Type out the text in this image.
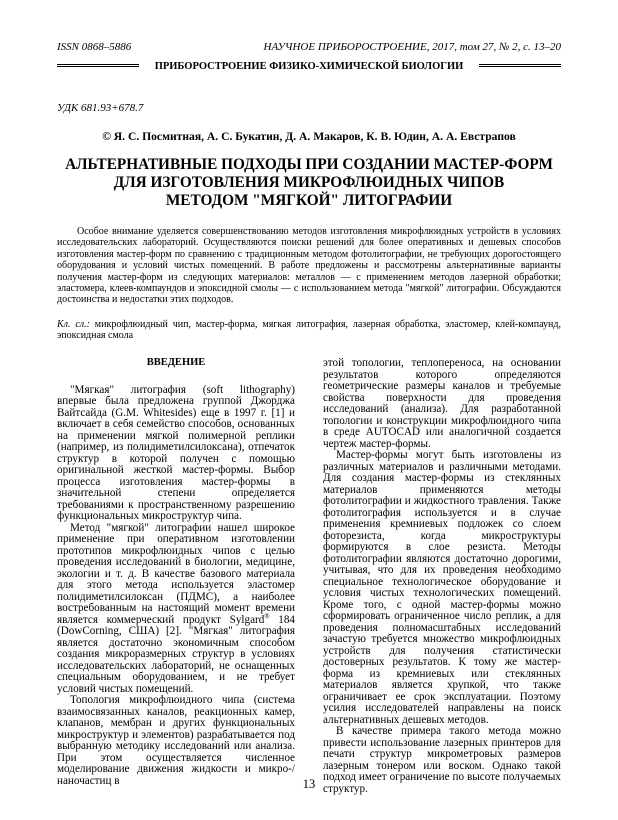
ISSN 0868–5886	НАУЧНОЕ ПРИБОРОСТРОЕНИЕ, 2017, том 27, № 2, с. 13–20
ПРИБОРОСТРОЕНИЕ ФИЗИКО-ХИМИЧЕСКОЙ БИОЛОГИИ
УДК 681.93+678.7
© Я. С. Посмитная, А. С. Букатин, Д. А. Макаров, К. В. Юдин, А. А. Евстрапов
АЛЬТЕРНАТИВНЫЕ ПОДХОДЫ ПРИ СОЗДАНИИ МАСТЕР-ФОРМ
ДЛЯ ИЗГОТОВЛЕНИЯ МИКРОФЛЮИДНЫХ ЧИПОВ
МЕТОДОМ "МЯГКОЙ" ЛИТОГРАФИИ

Особое внимание уделяется совершенствованию методов изготовления микрофлюидных устройств в условиях исследовательских лабораторий. Осуществляются поиски решений для более оперативных и дешевых способов изготовления мастер-форм по сравнению с традиционным методом фотолитографии, не требующих дорогостоящего оборудования и условий чистых помещений. В работе предложены и рассмотрены альтернативные варианты получения мастер-форм из следующих материалов: металлов — с применением методов лазерной обработки; эластомера, клеев-компаундов и эпоксидной смолы — с использованием метода "мягкой" литографии. Обсуждаются достоинства и недостатки этих подходов.

Кл. сл.: микрофлюидный чип, мастер-форма, мягкая литография, лазерная обработка, эластомер, клей-компаунд, эпоксидная смола
ВВЕДЕНИЕ

"Мягкая" литография (soft lithography) впервые была предложена группой Джорджа Вайтсайда (G.M. Whitesides) еще в 1997 г. [1] и включает в себя семейство способов, основанных на применении мягкой полимерной реплики (например, из полидиметилсилоксана), отпечаток структур в которой получен с помощью оригинальной жесткой мастер-формы. Выбор процесса изготовления мастер-формы в значительной степени определяется требованиями к пространственному разрешению функциональных микроструктур чипа.

Метод "мягкой" литографии нашел широкое применение при оперативном изготовлении прототипов микрофлюидных чипов с целью проведения исследований в биологии, медицине, экологии и т. д. В качестве базового материала для этого метода используется эластомер полидиметилсилоксан (ПДМС), а наиболее востребованным на настоящий момент времени является коммерческий продукт Sylgard® 184 (DowCorning, США) [2]. "Мягкая" литография является достаточно экономичным способом создания микроразмерных структур в условиях исследовательских лабораторий, не оснащенных специальным оборудованием, и не требует условий чистых помещений.

Топология микрофлюидного чипа (система взаимосвязанных каналов, реакционных камер, клапанов, мембран и других функциональных микроструктур и элементов) разрабатывается под выбранную методику исследований или анализа. При этом осуществляется численное моделирование движения жидкости и микро-/наночастиц в

этой топологии, теплопереноса, на основании результатов которого определяются геометрические размеры каналов и требуемые свойства поверхности для проведения исследований (анализа). Для разработанной топологии и конструкции микрофлюидного чипа в среде AUTOCAD или аналогичной создается чертеж мастер-формы.

Мастер-формы могут быть изготовлены из различных материалов и различными методами. Для создания мастер-формы из стеклянных материалов применяются методы фотолитографии и жидкостного травления. Также фотолитография используется и в случае применения кремниевых подложек со слоем фоторезиста, когда микроструктуры формируются в слое резиста. Методы фотолитографии являются достаточно дорогими, учитывая, что для их проведения необходимо специальное технологическое оборудование и условия чистых технологических помещений. Кроме того, с одной мастер-формы можно сформировать ограниченное число реплик, а для проведения полномасштабных исследований зачастую требуется множество микрофлюидных устройств для получения статистически достоверных результатов. К тому же мастер-форма из кремниевых или стеклянных материалов является хрупкой, что также ограничивает ее срок эксплуатации. Поэтому усилия исследователей направлены на поиск альтернативных дешевых методов.

В качестве примера такого метода можно привести использование лазерных принтеров для печати структур микрометровых размеров лазерным тонером или воском. Однако такой подход имеет ограничение по высоте получаемых структур.

13
